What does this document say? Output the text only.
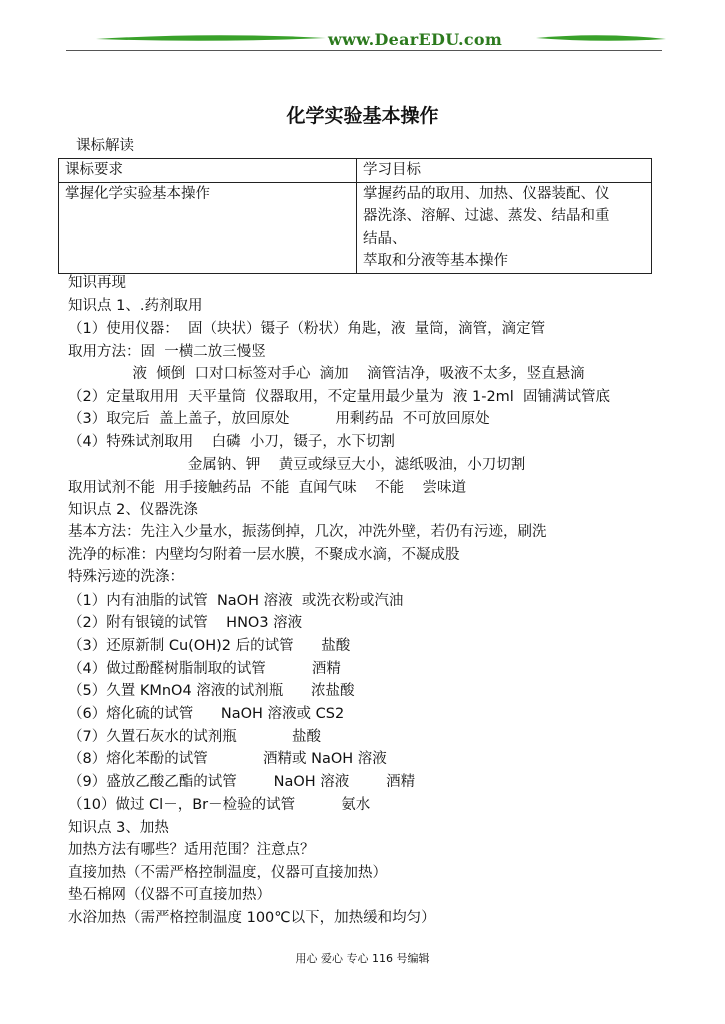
www.DearEDU.com
化学实验基本操作
课标解读
课标要求	学习目标
掌握化学实验基本操作	掌握药品的取用、加热、仪器装配、仪
器洗涤、溶解、过滤、蒸发、结晶和重
结晶、
萃取和分液等基本操作
知识再现
知识点 1、.药剂取用
（1）使用仪器：  固（块状）镊子（粉状）角匙，液  量筒，滴管，滴定管
取用方法：固  一横二放三慢竖
液  倾倒  口对口标签对手心  滴加    滴管洁净，吸液不太多，竖直悬滴
（2）定量取用用  天平量筒  仪器取用，不定量用最少量为  液 1-2ml  固铺满试管底
（3）取完后  盖上盖子，放回原处          用剩药品  不可放回原处
（4）特殊试剂取用    白磷  小刀，镊子，水下切割
金属钠、钾    黄豆或绿豆大小，滤纸吸油，小刀切割
取用试剂不能  用手接触药品  不能  直闻气味    不能    尝味道
知识点 2、仪器洗涤
基本方法：先注入少量水，振荡倒掉，几次，冲洗外壁，若仍有污迹，刷洗
洗净的标准：内壁均匀附着一层水膜，不聚成水滴，不凝成股
特殊污迹的洗涤：
（1）内有油脂的试管  NaOH 溶液  或洗衣粉或汽油
（2）附有银镜的试管    HNO3 溶液
（3）还原新制 Cu(OH)2 后的试管      盐酸
（4）做过酚醛树脂制取的试管          酒精
（5）久置 KMnO4 溶液的试剂瓶      浓盐酸
（6）熔化硫的试管      NaOH 溶液或 CS2
（7）久置石灰水的试剂瓶            盐酸
（8）熔化苯酚的试管            酒精或 NaOH 溶液
（9）盛放乙酸乙酯的试管        NaOH 溶液        酒精
（10）做过 Cl－，Br－检验的试管          氨水
知识点 3、加热
加热方法有哪些？适用范围？注意点？
直接加热（不需严格控制温度，仪器可直接加热）
垫石棉网（仪器不可直接加热）
水浴加热（需严格控制温度 100℃以下，加热缓和均匀）
用心 爱心 专心 116 号编辑
